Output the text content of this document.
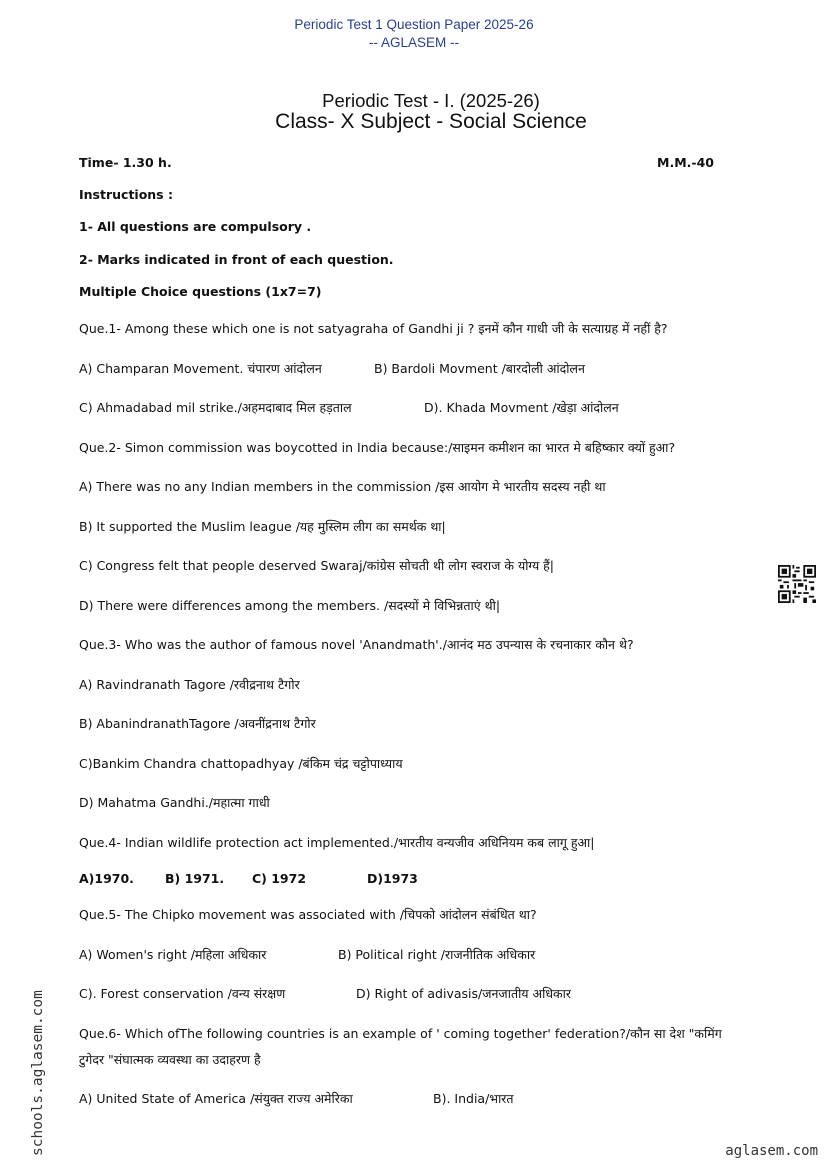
Periodic Test 1 Question Paper 2025-26
-- AGLASEM --
Periodic Test - I. (2025-26)
Class- X Subject - Social Science
Time- 1.30 h.	M.M.-40
Instructions :
1- All questions are compulsory .
2- Marks indicated in front of each question.
Multiple Choice questions (1x7=7)
Que.1- Among these which one is not satyagraha of Gandhi ji ? इनमें कौन गाधी जी के सत्याग्रह में नहीं है?
A) Champaran Movement. चंपारण आंदोलन	B) Bardoli Movment /बारदोली आंदोलन
C) Ahmadabad mil strike./अहमदाबाद मिल हड़ताल	D). Khada Movment /खेड़ा आंदोलन
Que.2- Simon commission was boycotted in India because:/साइमन कमीशन का भारत मे बहिष्कार क्यों हुआ?
A) There was no any Indian members in the commission /इस आयोग मे भारतीय सदस्य नही था
B) It supported the Muslim league /यह मुस्लिम लीग का समर्थक था|
C) Congress felt that people deserved Swaraj/कांग्रेस सोचती थी लोग स्वराज के योग्य हैं|
D) There were differences among the members. /सदस्यों मे विभिन्नताएं थी|
Que.3- Who was the author of famous novel 'Anandmath'./आनंद मठ उपन्यास के रचनाकार कौन थे?
A) Ravindranath Tagore /रवीद्रनाथ टैगोर
B) AbanindranathTagore /अवनींद्रनाथ टैगोर
C)Bankim Chandra chattopadhyay /बंकिम चंद्र चट्टोपाध्याय
D) Mahatma Gandhi./महात्मा गाधी
Que.4- Indian wildlife protection act implemented./भारतीय वन्यजीव अधिनियम कब लागू हुआ|
A)1970. B) 1971. C) 1972	D)1973
Que.5- The Chipko movement was associated with /चिपको आंदोलन संबंधित था?
A) Women's right /महिला अधिकार	B) Political right /राजनीतिक अधिकार
C). Forest conservation /वन्य संरक्षण	D) Right of adivasis/जनजातीय अधिकार
Que.6- Which ofThe following countries is an example of ' coming together' federation?/कौन सा देश "कमिंग
टुगेदर "संघात्मक व्यवस्था का उदाहरण है
A) United State of America /संयुक्त राज्य अमेरिका	B). India/भारत
schools.aglasem.com	aglasem.com
